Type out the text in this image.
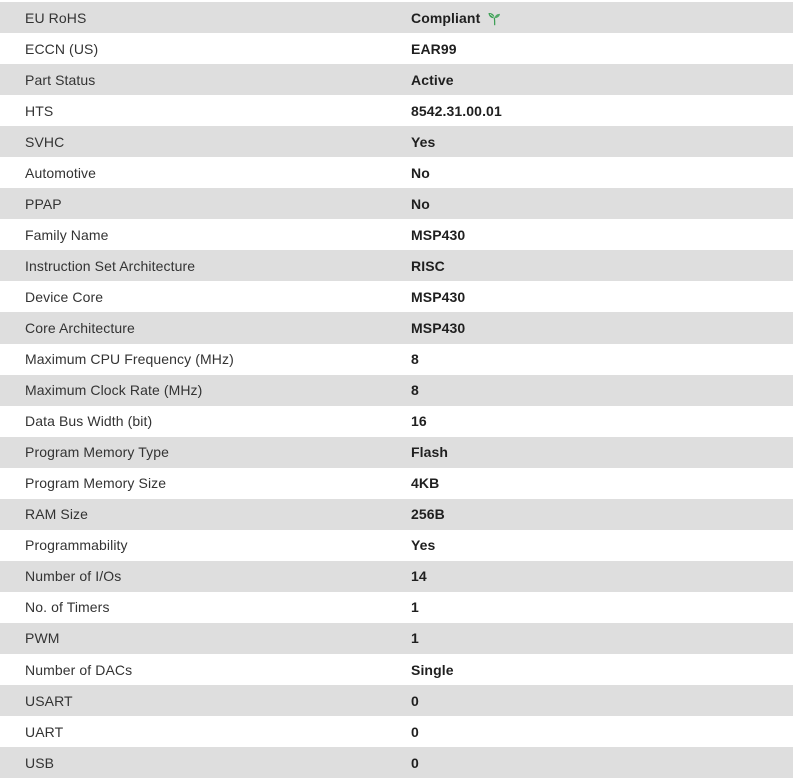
EU RoHS	Compliant
ECCN (US)	EAR99
Part Status	Active
HTS	8542.31.00.01
SVHC	Yes
Automotive	No
PPAP	No
Family Name	MSP430
Instruction Set Architecture	RISC
Device Core	MSP430
Core Architecture	MSP430
Maximum CPU Frequency (MHz)	8
Maximum Clock Rate (MHz)	8
Data Bus Width (bit)	16
Program Memory Type	Flash
Program Memory Size	4KB
RAM Size	256B
Programmability	Yes
Number of I/Os	14
No. of Timers	1
PWM	1
Number of DACs	Single
USART	0
UART	0
USB	0
